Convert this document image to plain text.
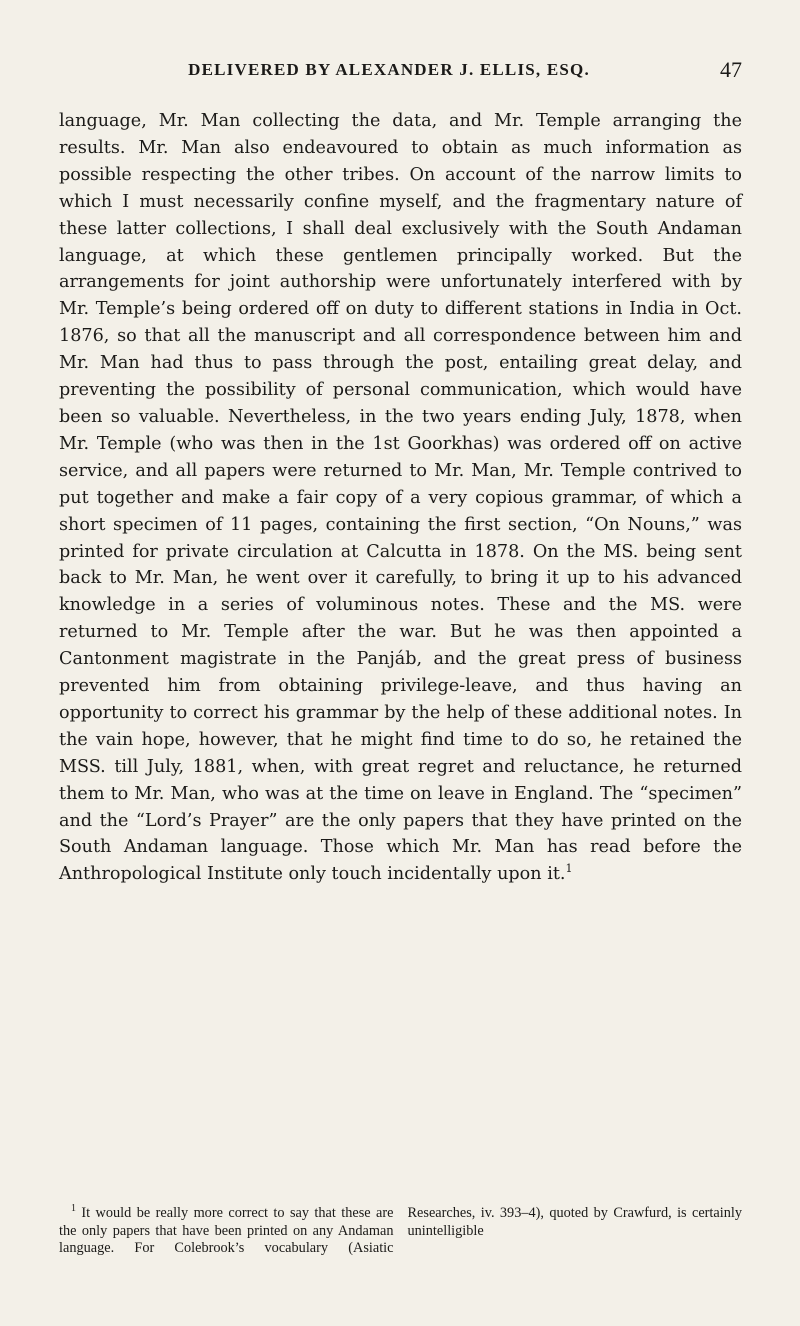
DELIVERED BY ALEXANDER J. ELLIS, ESQ.	47

language, Mr. Man collecting the data, and Mr. Temple arranging the results. Mr. Man also endeavoured to obtain as much information as possible respecting the other tribes. On account of the narrow limits to which I must necessarily confine myself, and the fragmentary nature of these latter collections, I shall deal exclusively with the South Andaman language, at which these gentlemen principally worked. But the arrangements for joint authorship were unfortunately interfered with by Mr. Temple’s being ordered off on duty to different stations in India in Oct. 1876, so that all the manuscript and all correspondence between him and Mr. Man had thus to pass through the post, entailing great delay, and preventing the possibility of personal communication, which would have been so valuable. Nevertheless, in the two years ending July, 1878, when Mr. Temple (who was then in the 1st Goorkhas) was ordered off on active service, and all papers were returned to Mr. Man, Mr. Temple contrived to put together and make a fair copy of a very copious grammar, of which a short specimen of 11 pages, containing the first section, “On Nouns,” was printed for private circulation at Calcutta in 1878. On the MS. being sent back to Mr. Man, he went over it carefully, to bring it up to his advanced knowledge in a series of voluminous notes. These and the MS. were returned to Mr. Temple after the war. But he was then appointed a Cantonment magistrate in the Panjáb, and the great press of business prevented him from obtaining privilege-leave, and thus having an opportunity to correct his grammar by the help of these additional notes. In the vain hope, however, that he might find time to do so, he retained the MSS. till July, 1881, when, with great regret and reluctance, he returned them to Mr. Man, who was at the time on leave in England. The “specimen” and the “Lord’s Prayer” are the only papers that they have printed on the South Andaman language. Those which Mr. Man has read before the Anthropological Institute only touch incidentally upon it.$^1$

$^1$ It would be really more correct to say that these are the only papers that have been printed on any Andaman language. For Colebrook’s vocabulary (Asiatic Researches, iv. 393–4), quoted by Crawfurd, is certainly unintelligible
